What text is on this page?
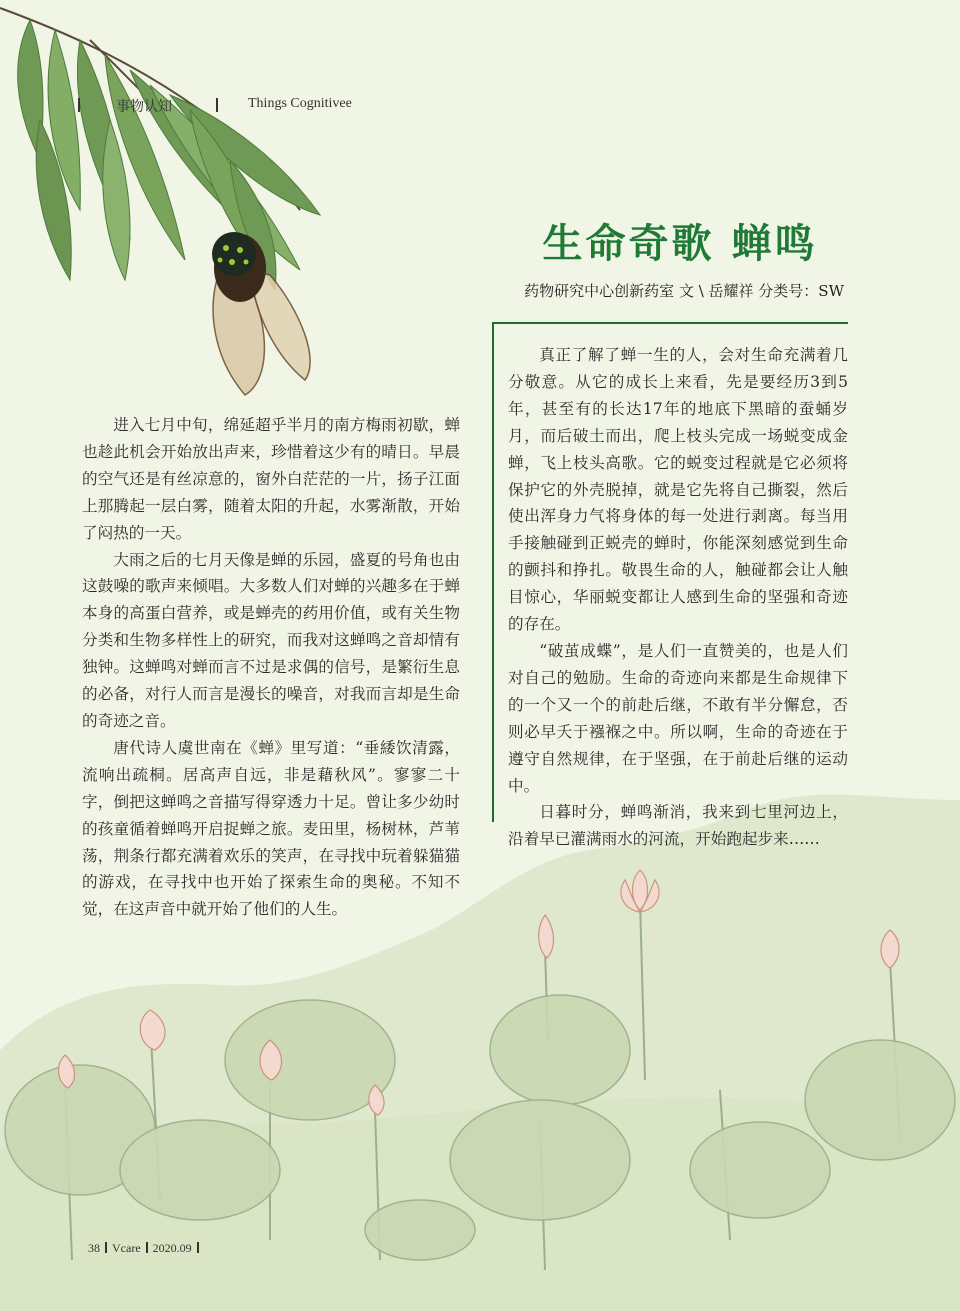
事物认知	Things Cognitivee
生命奇歌 蝉鸣
药物研究中心创新药室 文 \ 岳耀祥 分类号：SW

进入七月中旬，绵延超乎半月的南方梅雨初歇，蝉也趁此机会开始放出声来，珍惜着这少有的晴日。早晨的空气还是有丝凉意的，窗外白茫茫的一片，扬子江面上那腾起一层白雾，随着太阳的升起，水雾渐散，开始了闷热的一天。

大雨之后的七月天像是蝉的乐园，盛夏的号角也由这鼓噪的歌声来倾唱。大多数人们对蝉的兴趣多在于蝉本身的高蛋白营养，或是蝉壳的药用价值，或有关生物分类和生物多样性上的研究，而我对这蝉鸣之音却情有独钟。这蝉鸣对蝉而言不过是求偶的信号，是繁衍生息的必备，对行人而言是漫长的噪音，对我而言却是生命的奇迹之音。

唐代诗人虞世南在《蝉》里写道：“垂緌饮清露，流响出疏桐。居高声自远，非是藉秋风”。寥寥二十字，倒把这蝉鸣之音描写得穿透力十足。曾让多少幼时的孩童循着蝉鸣开启捉蝉之旅。麦田里，杨树林，芦苇荡，荆条行都充满着欢乐的笑声，在寻找中玩着躲猫猫的游戏，在寻找中也开始了探索生命的奥秘。不知不觉，在这声音中就开始了他们的人生。

真正了解了蝉一生的人，会对生命充满着几分敬意。从它的成长上来看，先是要经历3到5年，甚至有的长达17年的地底下黑暗的蚕蛹岁月，而后破土而出，爬上枝头完成一场蜕变成金蝉，飞上枝头高歌。它的蜕变过程就是它必须将保护它的外壳脱掉，就是它先将自己撕裂，然后使出浑身力气将身体的每一处进行剥离。每当用手接触碰到正蜕壳的蝉时，你能深刻感觉到生命的颤抖和挣扎。敬畏生命的人，触碰都会让人触目惊心，华丽蜕变都让人感到生命的坚强和奇迹的存在。

“破茧成蝶”，是人们一直赞美的，也是人们对自己的勉励。生命的奇迹向来都是生命规律下的一个又一个的前赴后继，不敢有半分懈怠，否则必早夭于襁褓之中。所以啊，生命的奇迹在于遵守自然规律，在于坚强，在于前赴后继的运动中。

日暮时分，蝉鸣渐消，我来到七里河边上，沿着早已灌满雨水的河流，开始跑起步来……

38 Vcare 2020.09
